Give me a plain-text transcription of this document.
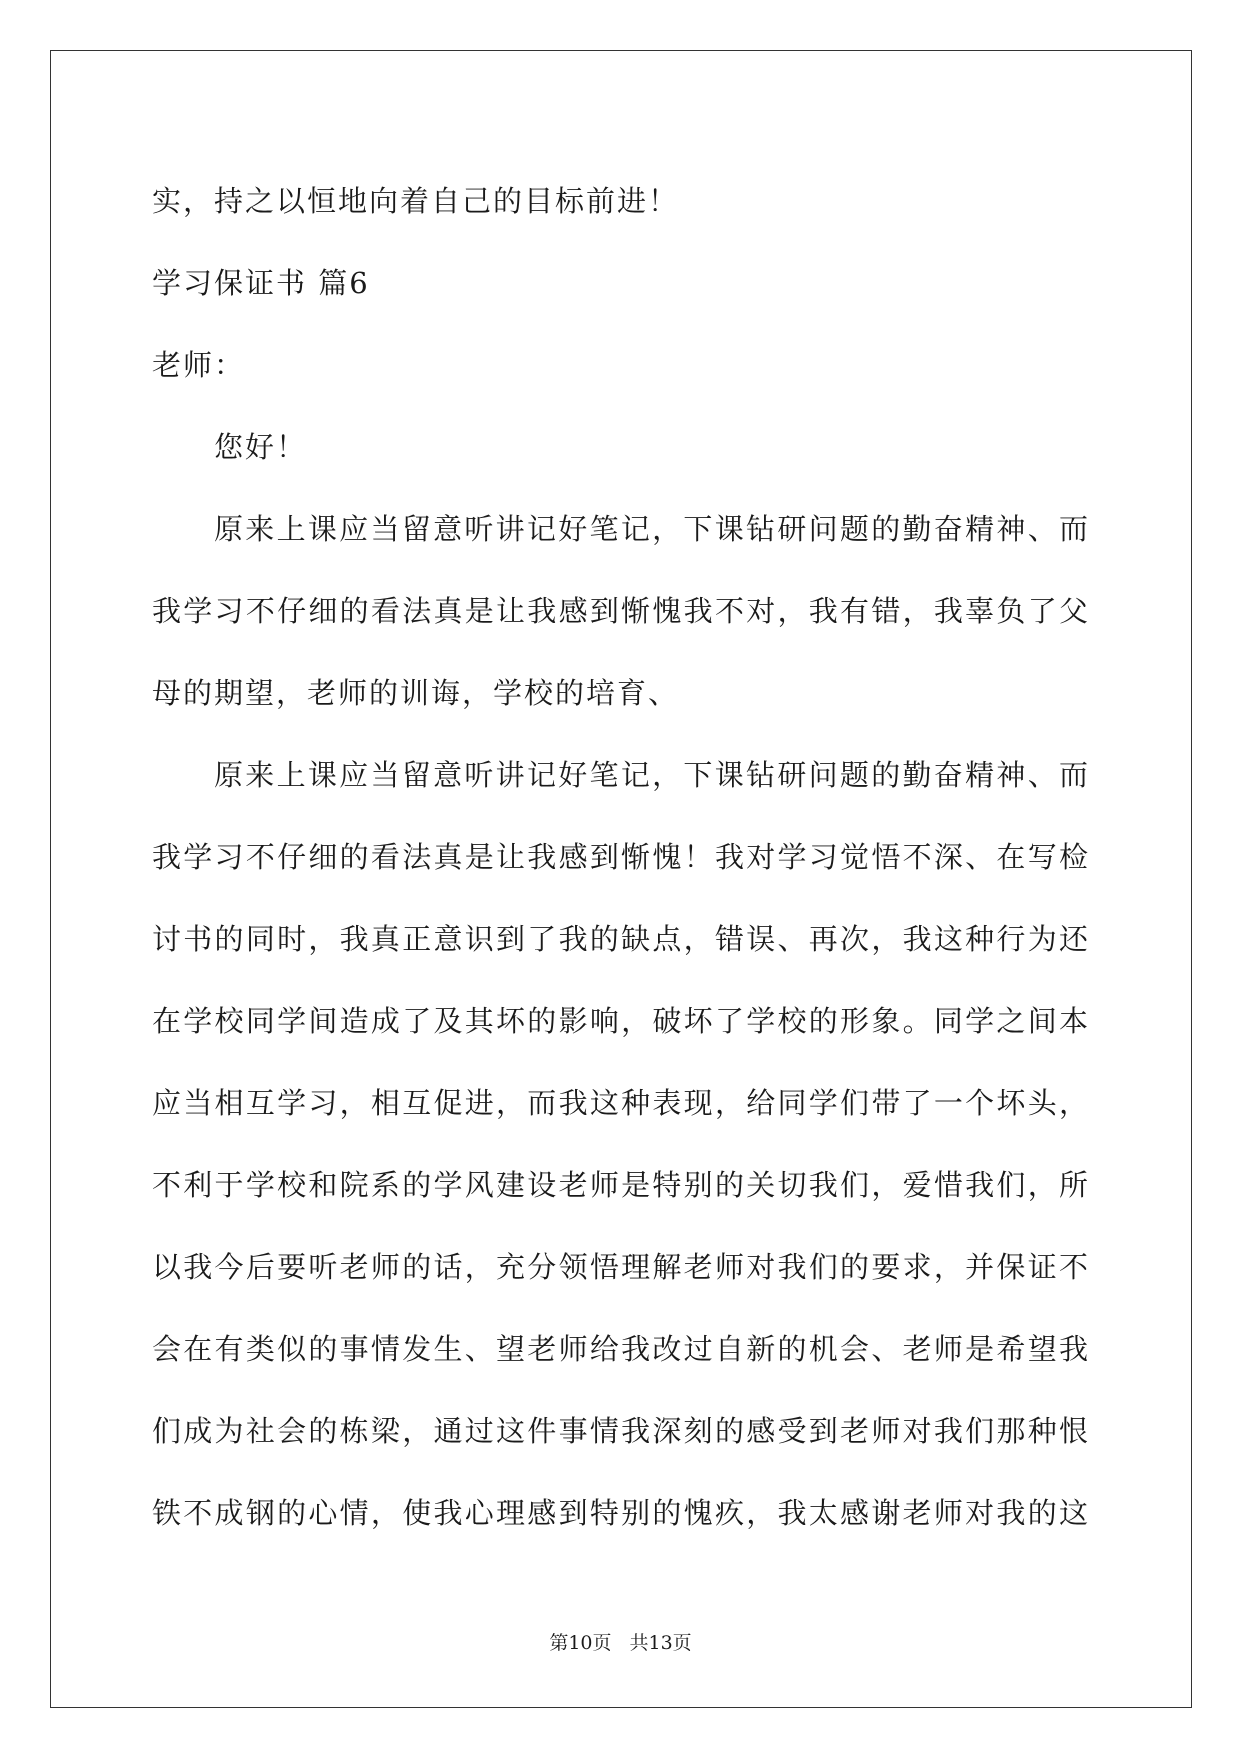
实，持之以恒地向着自己的目标前进！
学习保证书 篇6
老师：
您好！
原来上课应当留意听讲记好笔记，下课钻研问题的勤奋精神、而
我学习不仔细的看法真是让我感到惭愧我不对，我有错，我辜负了父
母的期望，老师的训诲，学校的培育、
原来上课应当留意听讲记好笔记，下课钻研问题的勤奋精神、而
我学习不仔细的看法真是让我感到惭愧！我对学习觉悟不深、在写检
讨书的同时，我真正意识到了我的缺点，错误、再次，我这种行为还
在学校同学间造成了及其坏的影响，破坏了学校的形象。同学之间本
应当相互学习，相互促进，而我这种表现，给同学们带了一个坏头，
不利于学校和院系的学风建设老师是特别的关切我们，爱惜我们，所
以我今后要听老师的话，充分领悟理解老师对我们的要求，并保证不
会在有类似的事情发生、望老师给我改过自新的机会、老师是希望我
们成为社会的栋梁，通过这件事情我深刻的感受到老师对我们那种恨
铁不成钢的心情，使我心理感到特别的愧疚，我太感谢老师对我的这
第10页 共13页
